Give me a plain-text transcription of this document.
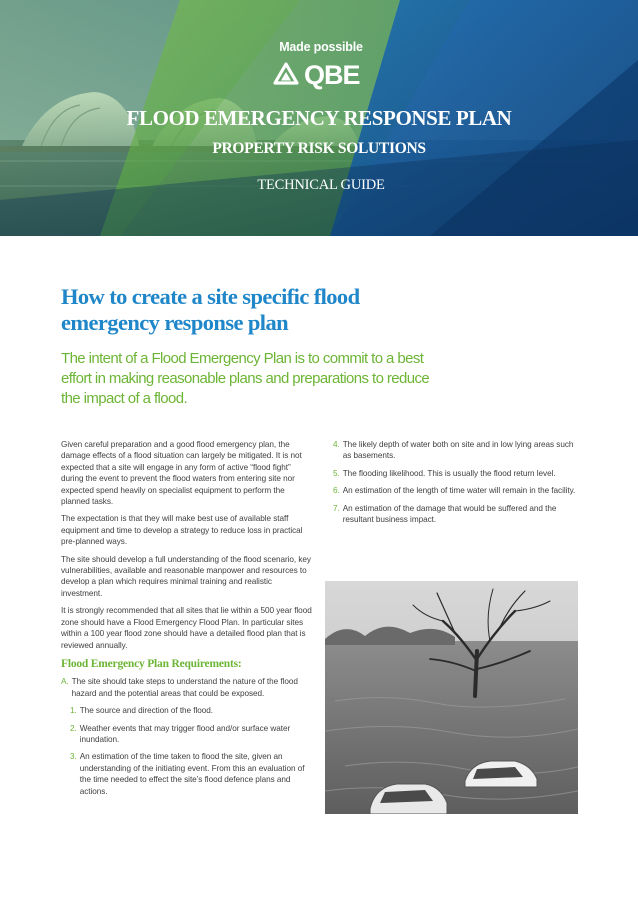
Made possible
QBE
FLOOD EMERGENCY RESPONSE PLAN
PROPERTY RISK SOLUTIONS
TECHNICAL GUIDE
How to create a site specific flood
emergency response plan
The intent of a Flood Emergency Plan is to commit to a best
effort in making reasonable plans and preparations to reduce
the impact of a flood.

Given careful preparation and a good flood emergency plan, the damage effects of a flood situation can largely be mitigated. It is not expected that a site will engage in any form of active “flood fight” during the event to prevent the flood waters from entering site nor expected spend heavily on specialist equipment to perform the planned tasks.

The expectation is that they will make best use of available staff equipment and time to develop a strategy to reduce loss in practical pre-planned ways.

The site should develop a full understanding of the flood scenario, key vulnerabilities, available and reasonable manpower and resources to develop a plan which requires minimal training and realistic investment.

It is strongly recommended that all sites that lie within a 500 year flood zone should have a Flood Emergency Flood Plan. In particular sites within a 100 year flood zone should have a detailed flood plan that is reviewed annually.

Flood Emergency Plan Requirements:
A. The site should take steps to understand the nature of the flood hazard and the potential areas that could be exposed.
1. The source and direction of the flood.
2. Weather events that may trigger flood and/or surface water inundation.
3. An estimation of the time taken to flood the site, given an understanding of the initiating event. From this an evaluation of the time needed to effect the site’s flood defence plans and actions.
4. The likely depth of water both on site and in low lying areas such as basements.
5. The flooding likelihood. This is usually the flood return level.
6. An estimation of the length of time water will remain in the facility.
7. An estimation of the damage that would be suffered and the resultant business impact.
